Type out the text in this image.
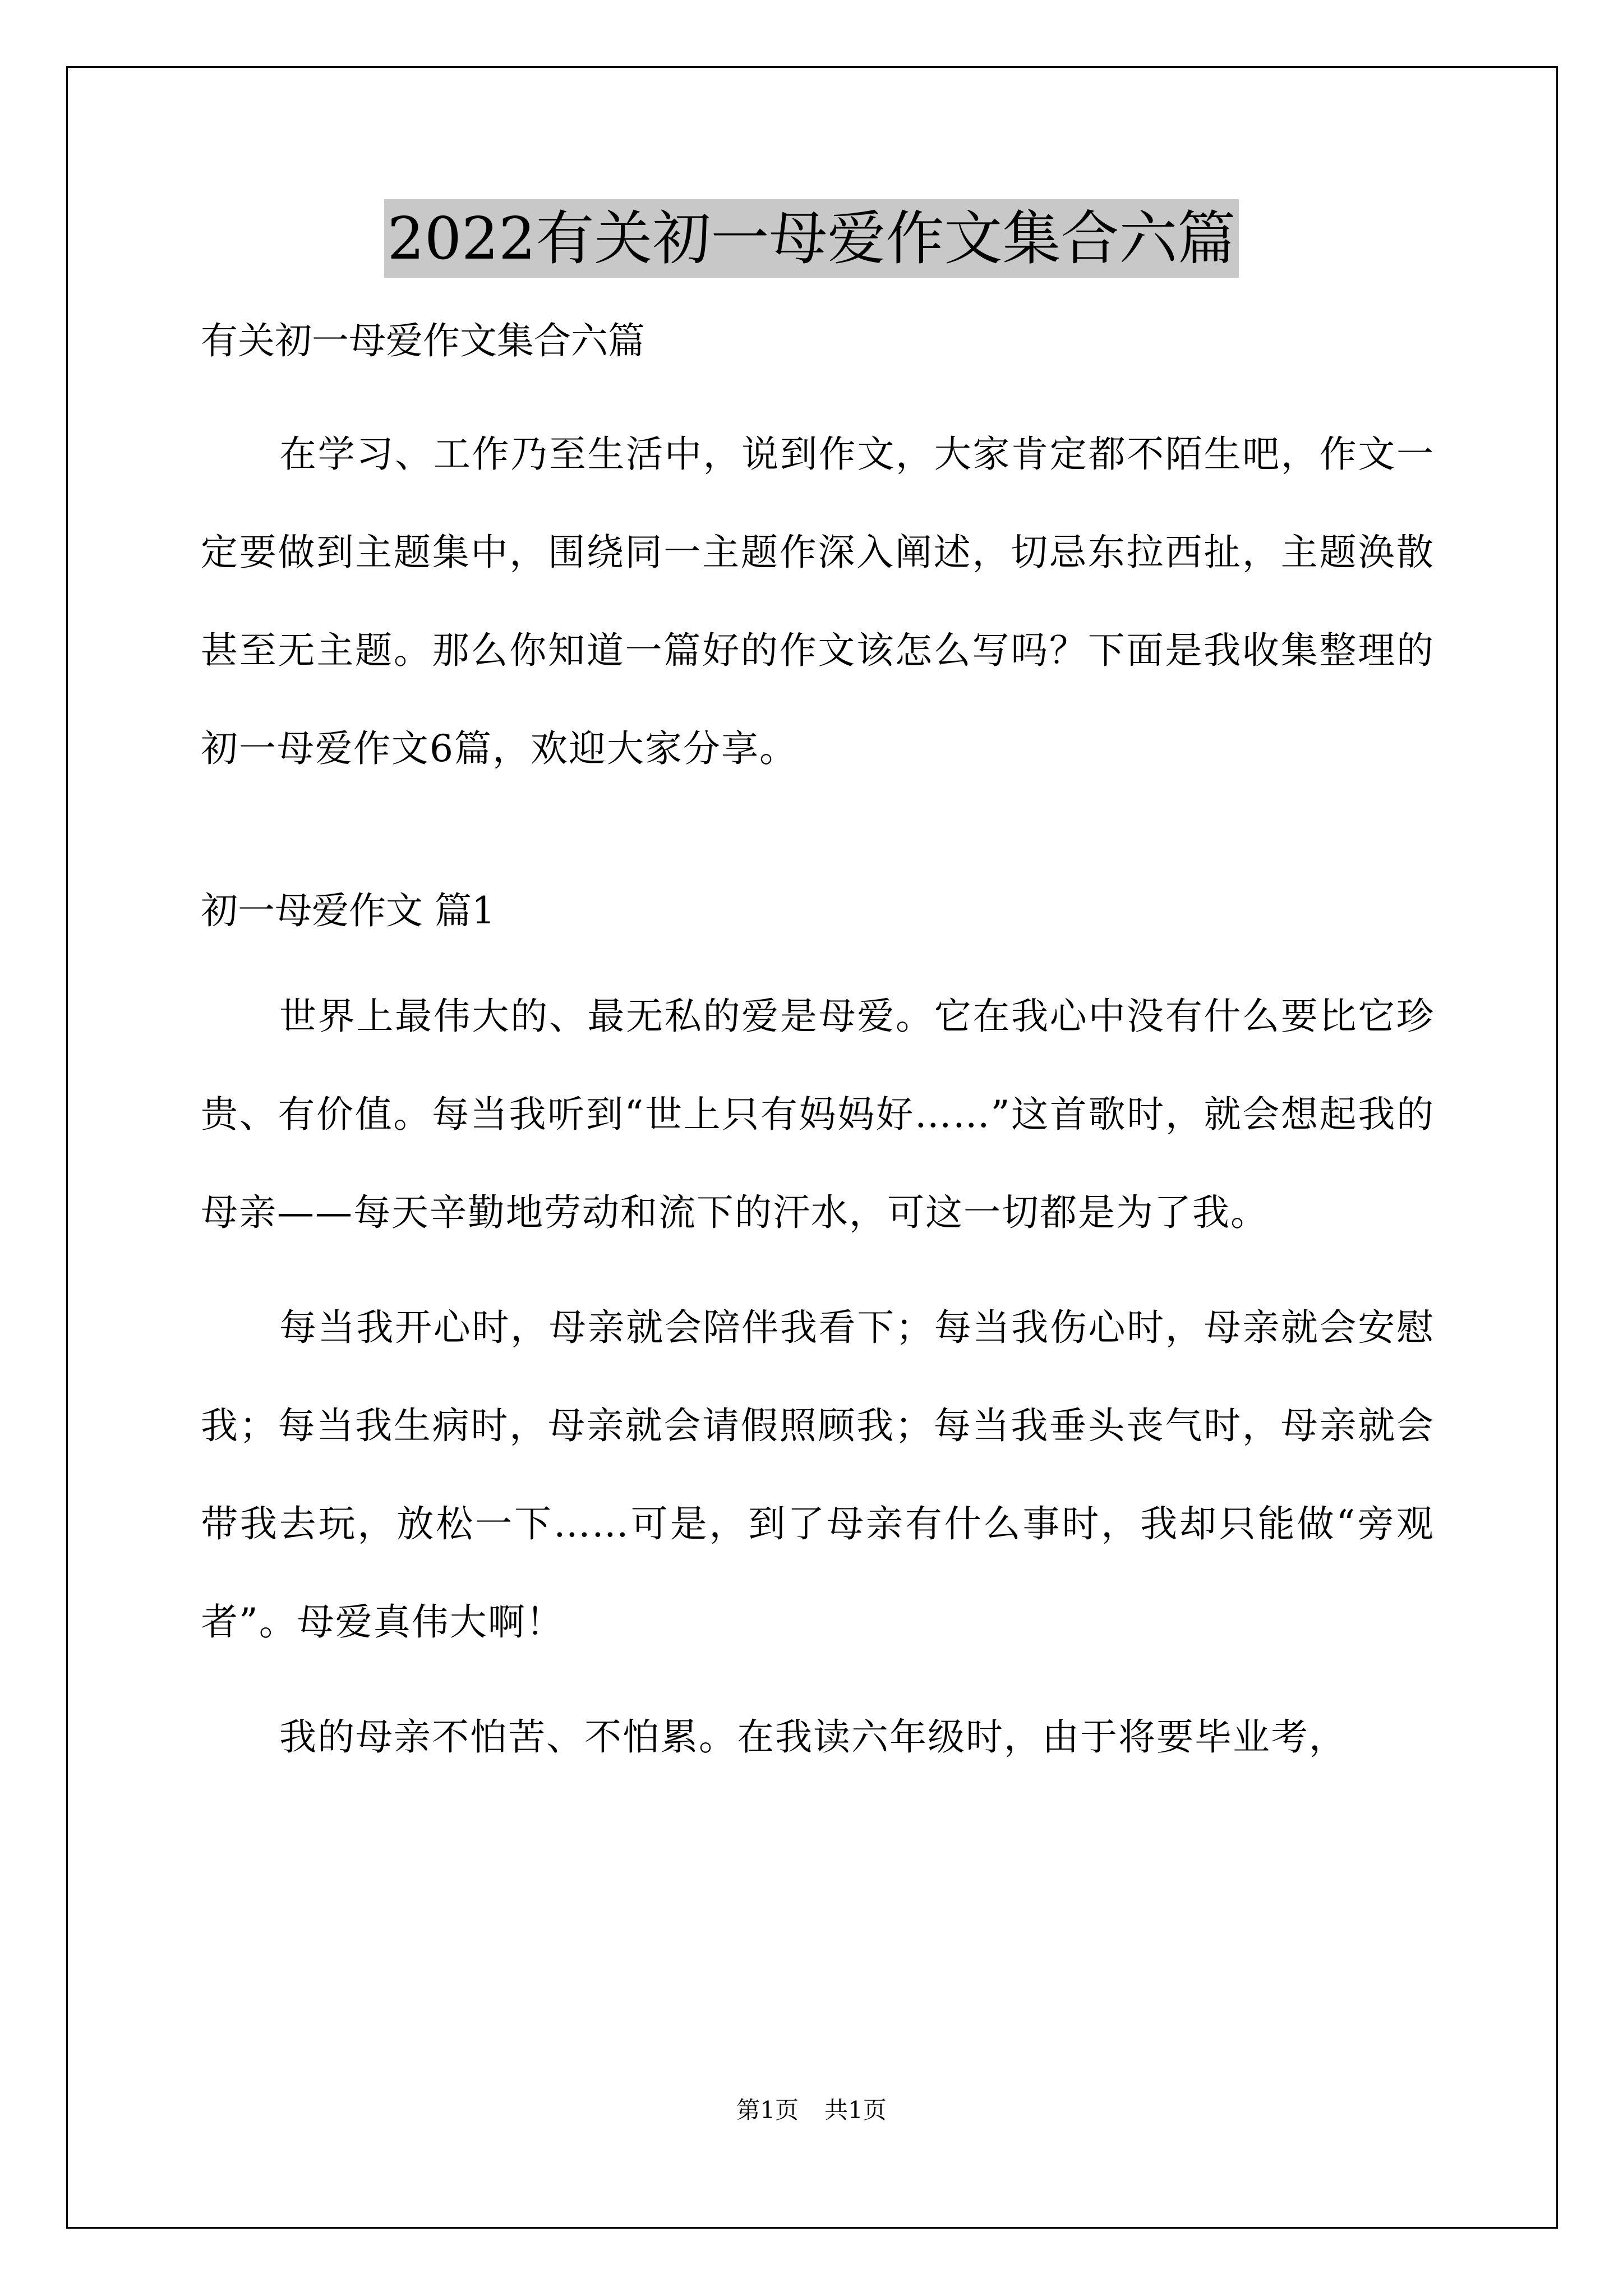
2022有关初一母爱作文集合六篇
有关初一母爱作文集合六篇

在学习、工作乃至生活中，说到作文，大家肯定都不陌生吧，作文一定要做到主题集中，围绕同一主题作深入阐述，切忌东拉西扯，主题涣散甚至无主题。那么你知道一篇好的作文该怎么写吗？下面是我收集整理的初一母爱作文6篇，欢迎大家分享。

初一母爱作文 篇1

世界上最伟大的、最无私的爱是母爱。它在我心中没有什么要比它珍贵、有价值。每当我听到“世上只有妈妈好……”这首歌时，就会想起我的母亲——每天辛勤地劳动和流下的汗水，可这一切都是为了我。

每当我开心时，母亲就会陪伴我看下；每当我伤心时，母亲就会安慰我；每当我生病时，母亲就会请假照顾我；每当我垂头丧气时，母亲就会带我去玩，放松一下……可是，到了母亲有什么事时，我却只能做“旁观者”。母爱真伟大啊！

我的母亲不怕苦、不怕累。在我读六年级时，由于将要毕业考，

第1页 共1页
